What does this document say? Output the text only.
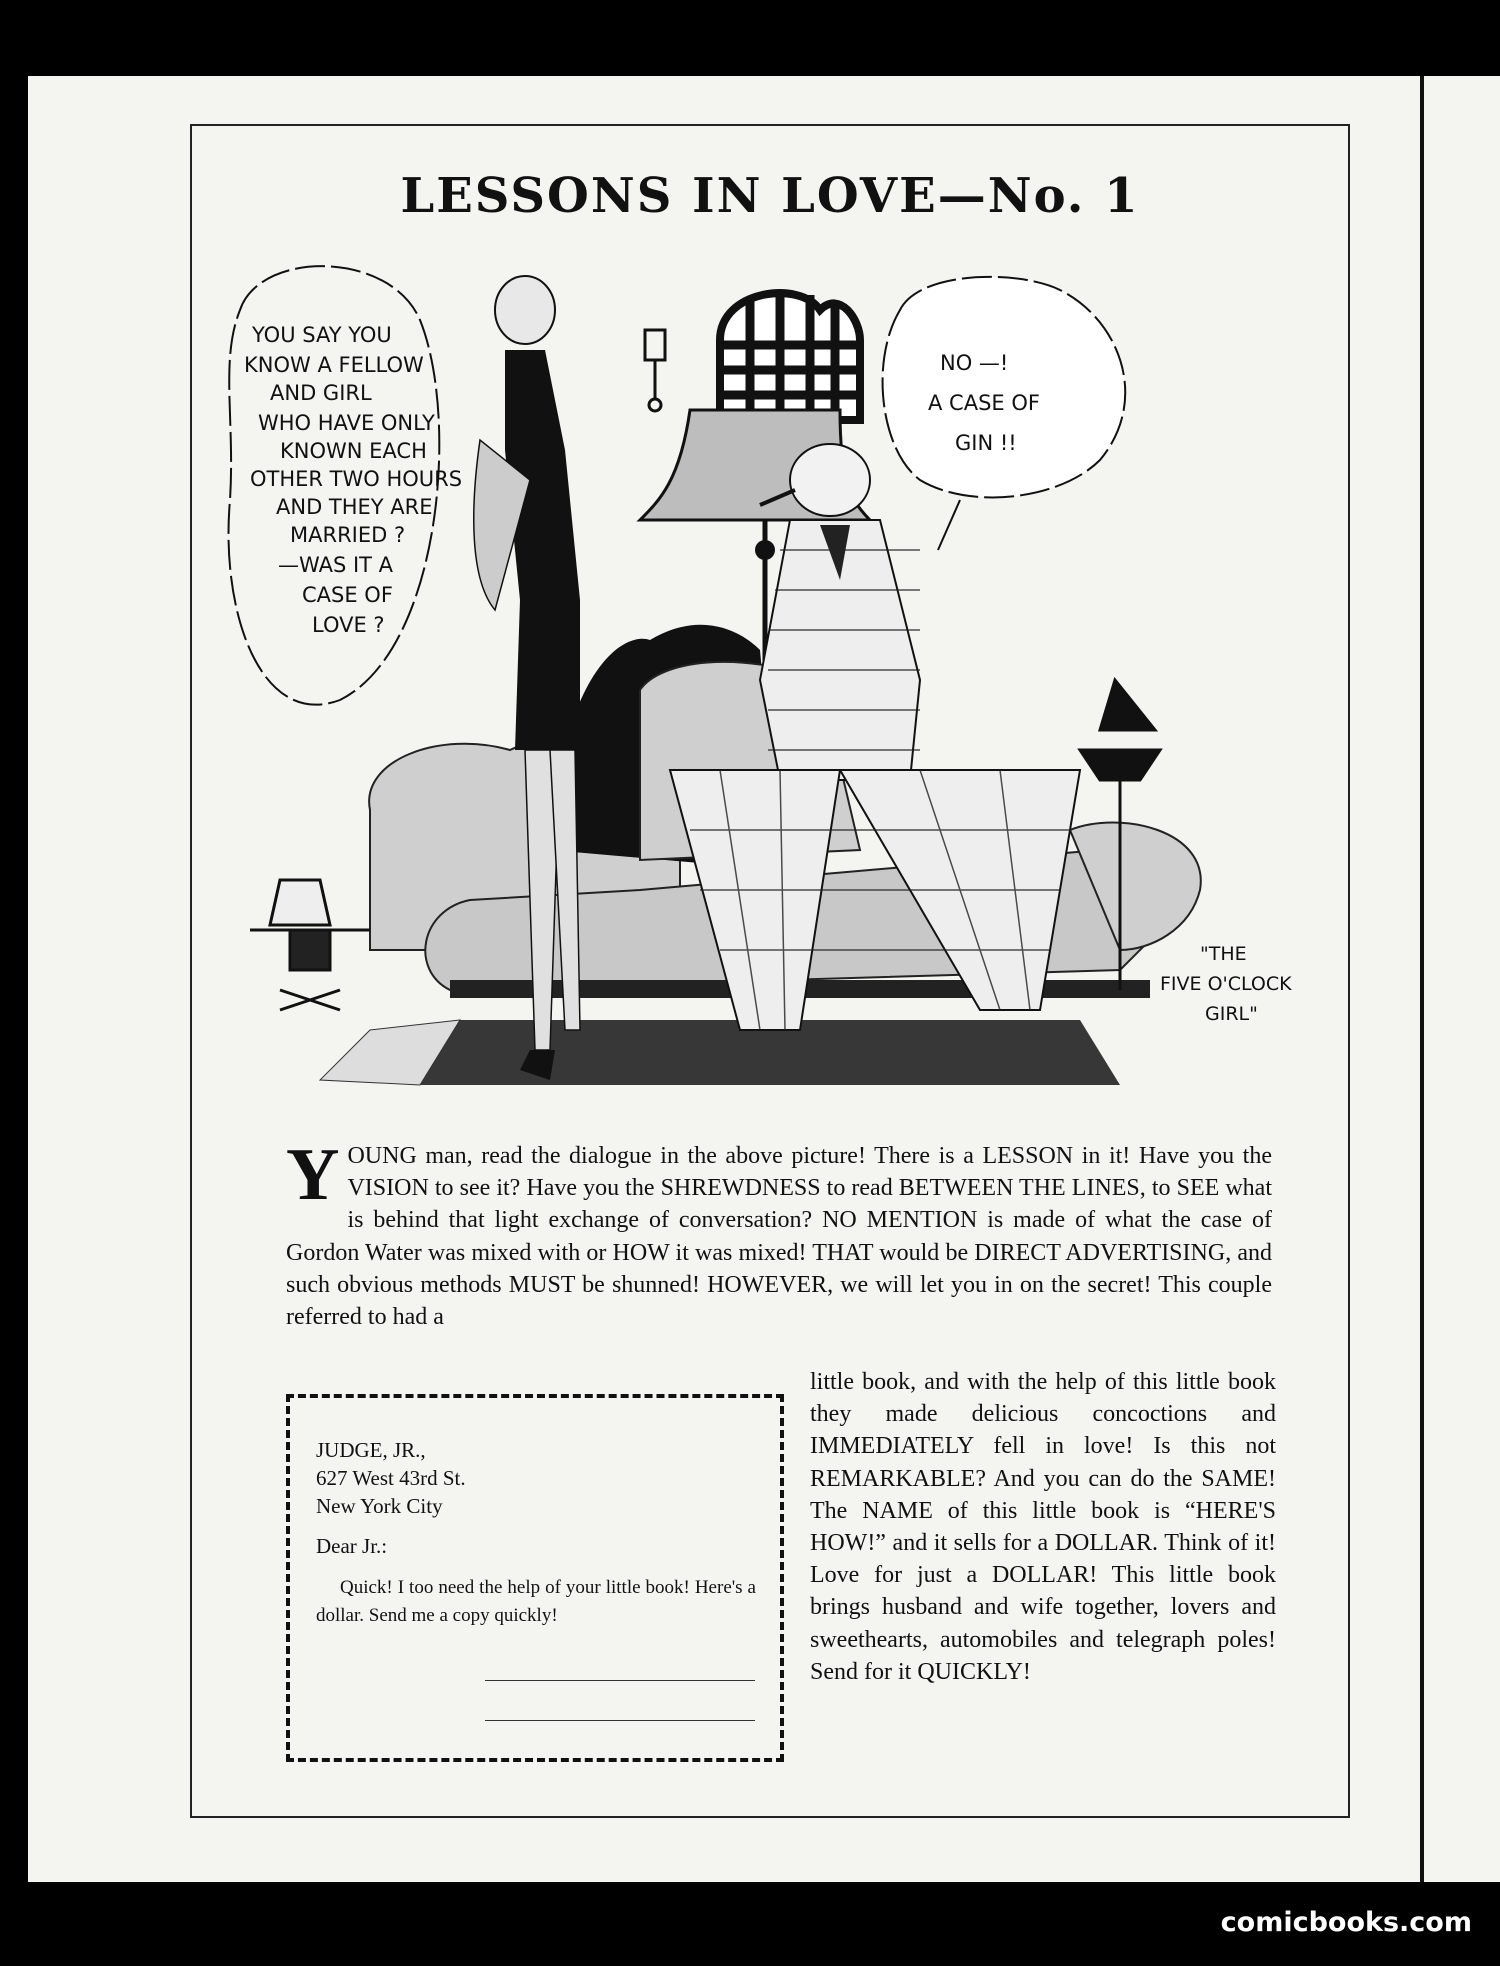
LESSONS IN LOVE—No. 1
YOU SAY YOU
KNOW A FELLOW
AND GIRL
WHO HAVE ONLY
KNOWN EACH
OTHER TWO HOURS
AND THEY ARE
MARRIED ?
—WAS IT A
CASE OF
LOVE ?
NO —!
A CASE OF
GIN !!
"THE
FIVE O'CLOCK
GIRL"
Y OUNG man, read the dialogue in the above picture! There is a LESSON in it! Have you the VISION to see it? Have you the SHREWDNESS to read BETWEEN THE LINES, to SEE what is behind that light exchange of conversation? NO MENTION is made of what the case of Gordon Water was mixed with or HOW it was mixed! THAT would be DIRECT ADVERTISING, and such obvious methods MUST be shunned! HOWEVER, we will let you in on the secret! This couple referred to had a
little book, and with the help of this little book they made delicious concoctions and IMMEDIATELY fell in love! Is this not REMARKABLE? And you can do the SAME! The NAME of this little book is “HERE'S HOW!” and it sells for a DOLLAR. Think of it! Love for just a DOLLAR! This little book brings husband and wife together, lovers and sweethearts, automobiles and telegraph poles! Send for it QUICKLY!
JUDGE, JR.,
627 West 43rd St.
New York City
Dear Jr.:
Quick! I too need the help of your little book! Here's a dollar. Send me a copy quickly!
comicbooks.com
